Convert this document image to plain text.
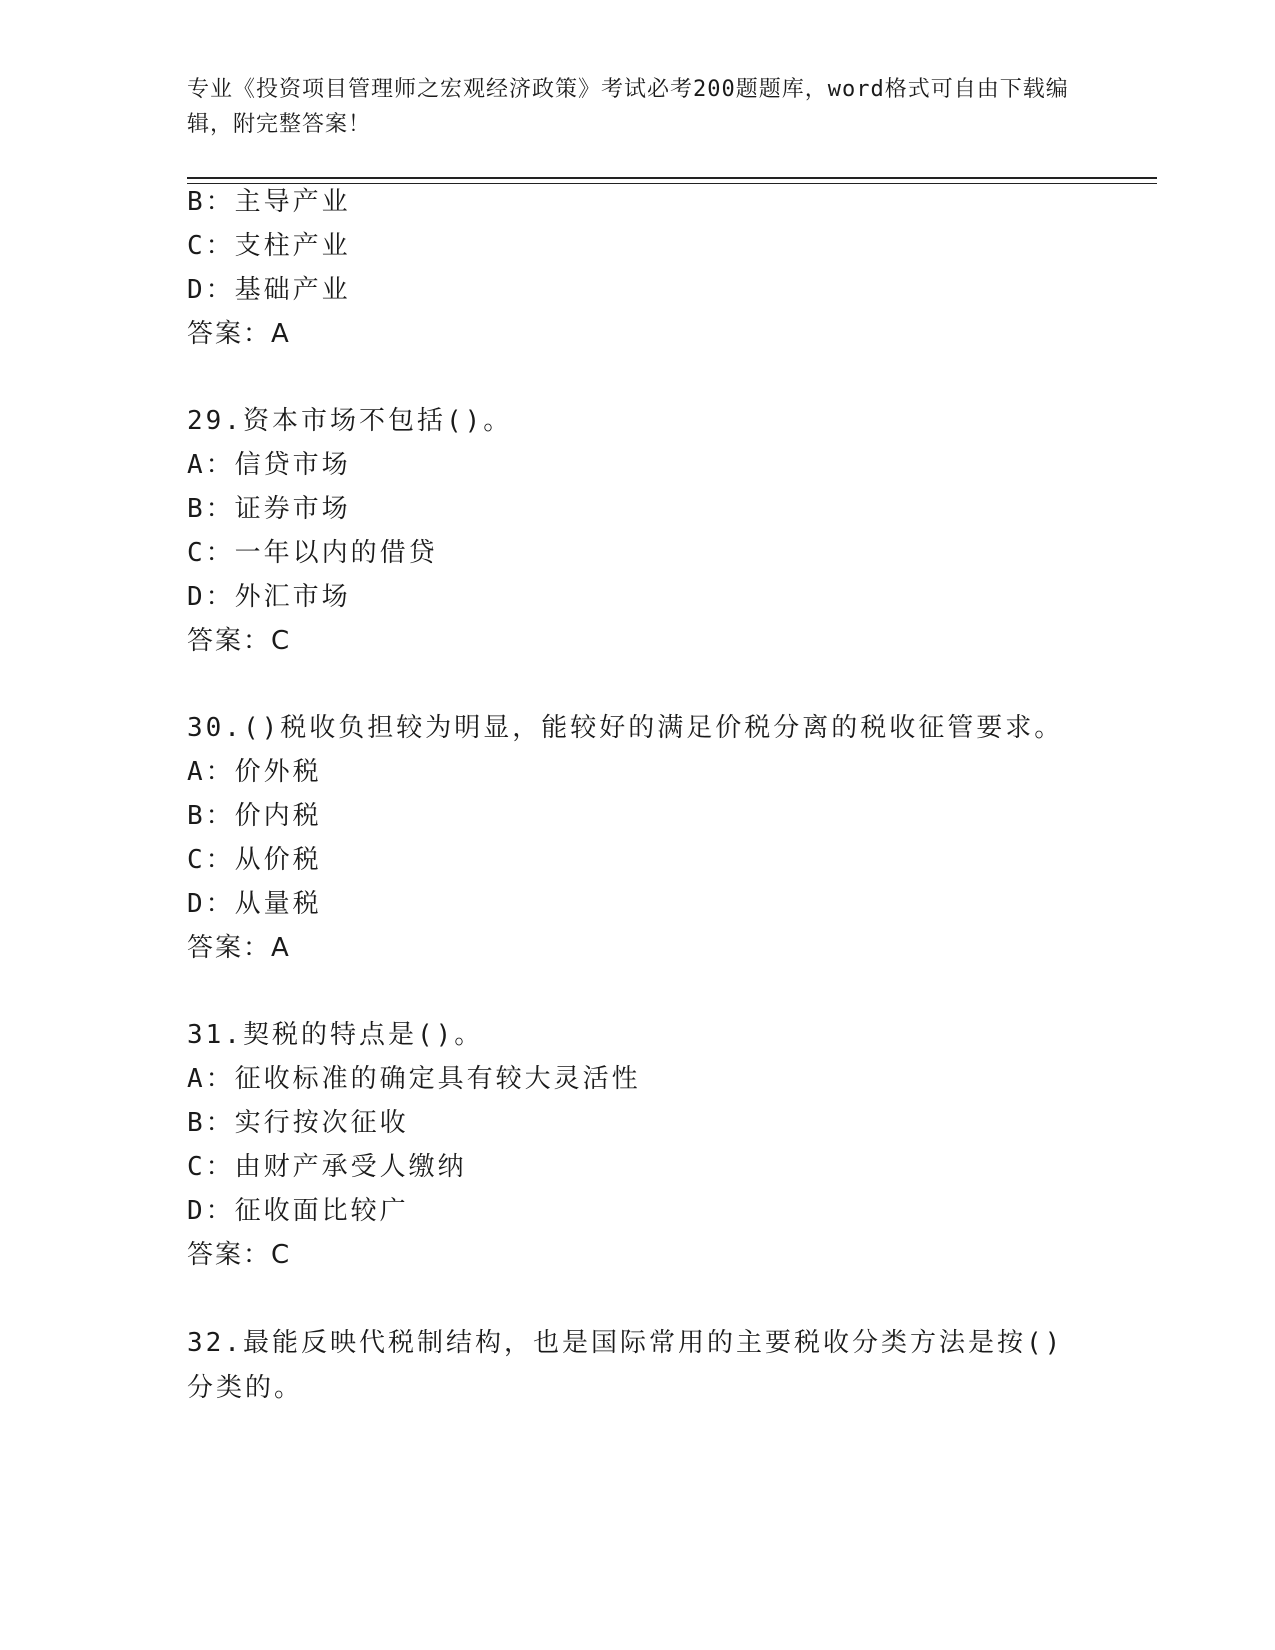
专业《投资项目管理师之宏观经济政策》考试必考200题题库，word格式可自由下载编辑，附完整答案！
B：主导产业
C：支柱产业
D：基础产业
答案：A
29.资本市场不包括()。
A：信贷市场
B：证券市场
C：一年以内的借贷
D：外汇市场
答案：C
30.()税收负担较为明显，能较好的满足价税分离的税收征管要求。
A：价外税
B：价内税
C：从价税
D：从量税
答案：A
31.契税的特点是()。
A：征收标准的确定具有较大灵活性
B：实行按次征收
C：由财产承受人缴纳
D：征收面比较广
答案：C
32.最能反映代税制结构，也是国际常用的主要税收分类方法是按()分类的。
